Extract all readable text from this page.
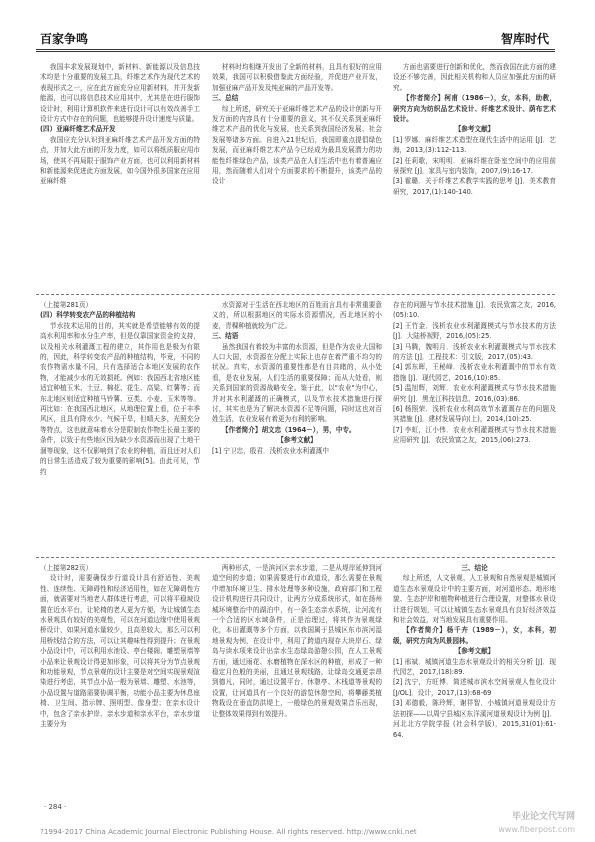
百家争鸣	智库时代

我国丰求发展现划中，新材料、新能源以及信息技术均是十分重要的发展工具，纤维艺术作为现代艺术的表现形式之一，应在此方面充分应用新材料，并开发新能源，也可以将信息技术应用其中，尤其是在进行服饰设计时，利用计算机软件来进行设计可以有效改善手工设计方式中存在的问题，也能够提升设计速度与质量。

(四）亚麻纤维艺术品开发

我国应充分认识到亚麻纤维艺术产品开发方面的特点，并加大此方面的开发力度，如可以将纸质服应用市场，使其不再局限于服饰产业方面，也可以利用新材料和新能源来促进此方面发展，如今国外很多国家在应用亚麻纤维

材料时均相继开发出了全新的材料，且具有很好的应用效果，我国可以积极借鉴此方面经验，并促进产业开发，加强亚麻产品开发及纯亚麻的产品开发等。

三、总结

综上所述，研究关于亚麻纤维艺术产品的设计创新与开发方面的内容具有十分重要的意义，其不仅关系到亚麻纤维艺术产品的优化与发展，也关系到我国经济发展、社会发展等诸多方面。自进入21世纪后，我国即重点提倡绿色发展，而亚麻纤维艺术产品今已经成为最具发展潜力的功能性纤维绿色产品，该类产品在人们生活中也有着普遍应用，然而随着人们对个方面要求的不断提升，该类产品的设计

方面也需要进行创新和优化，然而我国在此方面的建设还不够完善，因此相关机构和人员应加强此方面的研究。

【作者简介】柯甫（1986－），女，本科，助教，研究方向为纺织品艺术设计、纤维艺术设计、荫布艺术设计。

【参考文献】

[1] 罗娜．麻纤维艺术造型在现代生活中的运用 [J]．艺海，2013,(3):112-113.

[2] 任莉歌，宋明明．亚麻纤维在卧室空间中的应用前景探究 [J]．家具与室内装饰，2007,(9):16-17.

[3] 霍璐．关于纤维艺术教学实践的思考 [J]．美术教育研究，2017,(1):140-140.

（上接第281页）

(四）科学转变农产品的种植结构

节水技术运用的目的，其实就是希望能够有效的提高水利用率和水分生产率，但是仅靠国家资金的支持，以及相关水利灌溉工程的建立，其作用也是极为有限的，因此，科学转变农产品的种植结构，毕竟，不同的农作物需水量不同，只有选择适合本地区发展的农作物，才能减少水的无效损耗。例如：我国西北省地区能适宜种植玉米、土豆、棉花、花生、高粱、红薯等；而东北地区则适宜种植马铃薯、豆类、小麦、玉米等等。再比如：在我国西北地区，从地理位置上看，位于丰季风区，且具有降水少、气候干旱，但晴天多，光照充分等特点，这也就意味着水分是限制农作物生长最主要的条件，以致于有些地区因为缺少水资源而出现了土地干涸等现象，这不仅影响到了农业的种植，而且还对人们的日常生活造成了较为重要的影响[5]。由此可见，节约

水资源对于生活在西北地区的百姓而言具有非常重要意义的，所以根据地区的实际水资源情况，西北地区的小麦，青稞种植就较为广泛。

三、结语

虽然我国有着较为丰富的水资源，但是作为农业大国和人口大国，水资源在分配上实际上也存在着严重不均匀的状况。真实，水资源的重要性都是有目共睹的，从小处看，是农业发展，人们生活的重要保障；而从大处看，则关系到国家的资源战略安全。鉴于此，以"农业"为中心，并对其水利灌溉的正确模式，以及节水技术措施进行探讨，其实也是为了解决水资源不足等问题，同时这也对百姓生活，农业发展有着更为有利的影响。

【作者简介】胡文忠（1964－），男，中专。

【参考文献】

[1] 宁卫忠，殷君．浅析农业水利灌溉中

存在的问题与节水技术措施 [J]．农民致富之友，2016,(05):10.

[2] 王竹金．浅析农业水利灌溉模式与节水技术的方法 [J]．大陆桥视野，2016,(05):25.

[3] 马腾，魏明月．浅析农业水利灌溉模式与节水技术的方法 [J]．工程技术：引文版，2017,(05):43.

[4] 郭东晖，王秘峰．浅析农业水利灌溉中的节水有效措施 [J]．现代园艺，2016,(10):85.

[5] 温旭辉，刘辉．农业水利灌溉模式与节水技术措施研究 [J]．黑龙江科技信息，2016,(03):86.

[6] 杨照荣．浅析农业水利高效节水灌溉存在的问题及其措施 [J]．建材发展导向(上)，2014,(10):25.

[7] 李虹，江小伟．农业水利灌溉模式与节水技术措施应用研究 [J]．农民致富之友，2015,(06):273.

（上接第282页）

设计时，需要确保步行道设计具有舒适性、美观性、连续性、无障碍性和经济适用性，如在无障碍性方面，就需要对当地老人群体进行考虑，可以将平稳坡设置在近水平台，让轮椅的老人更为方便，为让城镇生态水景观具有较好的美观性，可以在河道边缘中使用景观桥设计，如果河道水量较少，且高差较大，那么可以利用桥线结合的方法，可以让其趣味性得到提升；在景观小品设计中，可以利用水池设、亭台楼阁、雕塑景墙等小品来让景观设计得更加形象，可以将其分为节点景观和功能景观，节点景观的设计主要是对空间实现景观渲染进行考虑，其节点小品一般为景墙、雕塑、水池等，小品设置与道路需要协调平衡，功能小品主要为休息座椅、卫生间、指示牌、照明型、像身型；在亲水设计中，包含了亲水护岸、亲水步道和亲水平台，亲水步道主要分为

两种形式，一是滨河区亲水步道，二是从堤岸延伸到河道空间的步道；如果需要进行市政道设，那么需要在景观中增加环境卫生、排水处理等多种设施，政府部门和工程设计机构进行共同设计，让两方分成系统形式，如在扬州城环境整治中的湖泊中，有一条生态亲水系统，让河流有一个合适的区水域条件，正是治理过，将其作为景观绿化，本田灌溉等多个方面，以我国属于县城区东市滨河湿地景观为例，在设计中，利用了跨道内现存大块岸石、绿岛与读水项来设计出亲水生态绿岛游憩公园，在人工景观方面，通过雨花、水磨植物在深水区的种植，形成了一种稳定月色般的美丽，且通过景观线路，让绿岛交通更亲昂到德凡，同时，通过设置平台、休憩亭、木栈道等景观的设置，让河道具有一个良好的游览休憩空间，将攀藤类植物栽设在垂直防洪堤上，一般绿色的景观效果音乐出现，让整体效果得到有效提升。

三、结论

综上所述，人文景观、人工景观和自然景观是城镇河道生态水景观设计中的主要方面，对河道形态、地形地貌、生态护岸和植物种植进行合理设置，对整体水景设计进行规划，可以让城镇生态水景观具有良好经济效益和社会效益，对当地发展具有重要作用。

【作者简介】杨千卉（1989－），女，本科，初级，研究方向为风景园林。

【参考文献】

[1] 邢斌．城镇河道生态水景观设计的相关分析 [J]．现代园艺，2017,(18):89.

[2] 沈宁，方旺博．简述城市滨水空间景观人性化设计 [J/OL]．设计，2017,(13):68-69

[3] 邓德毅，陈玲辉，谢祥智．小城镇河道景观设计方法初探——以周宁县城区东洋溪河道景观设计为例 [J]．河北北方学院学报 (社会科学版)，2015,31(01):61-64.

· 284 ·
?1994-2017 China Academic Journal Electronic Publishing House. All rights reserved. http://www.cnki.net
毕业论文代写网
www.fiberpost.com
